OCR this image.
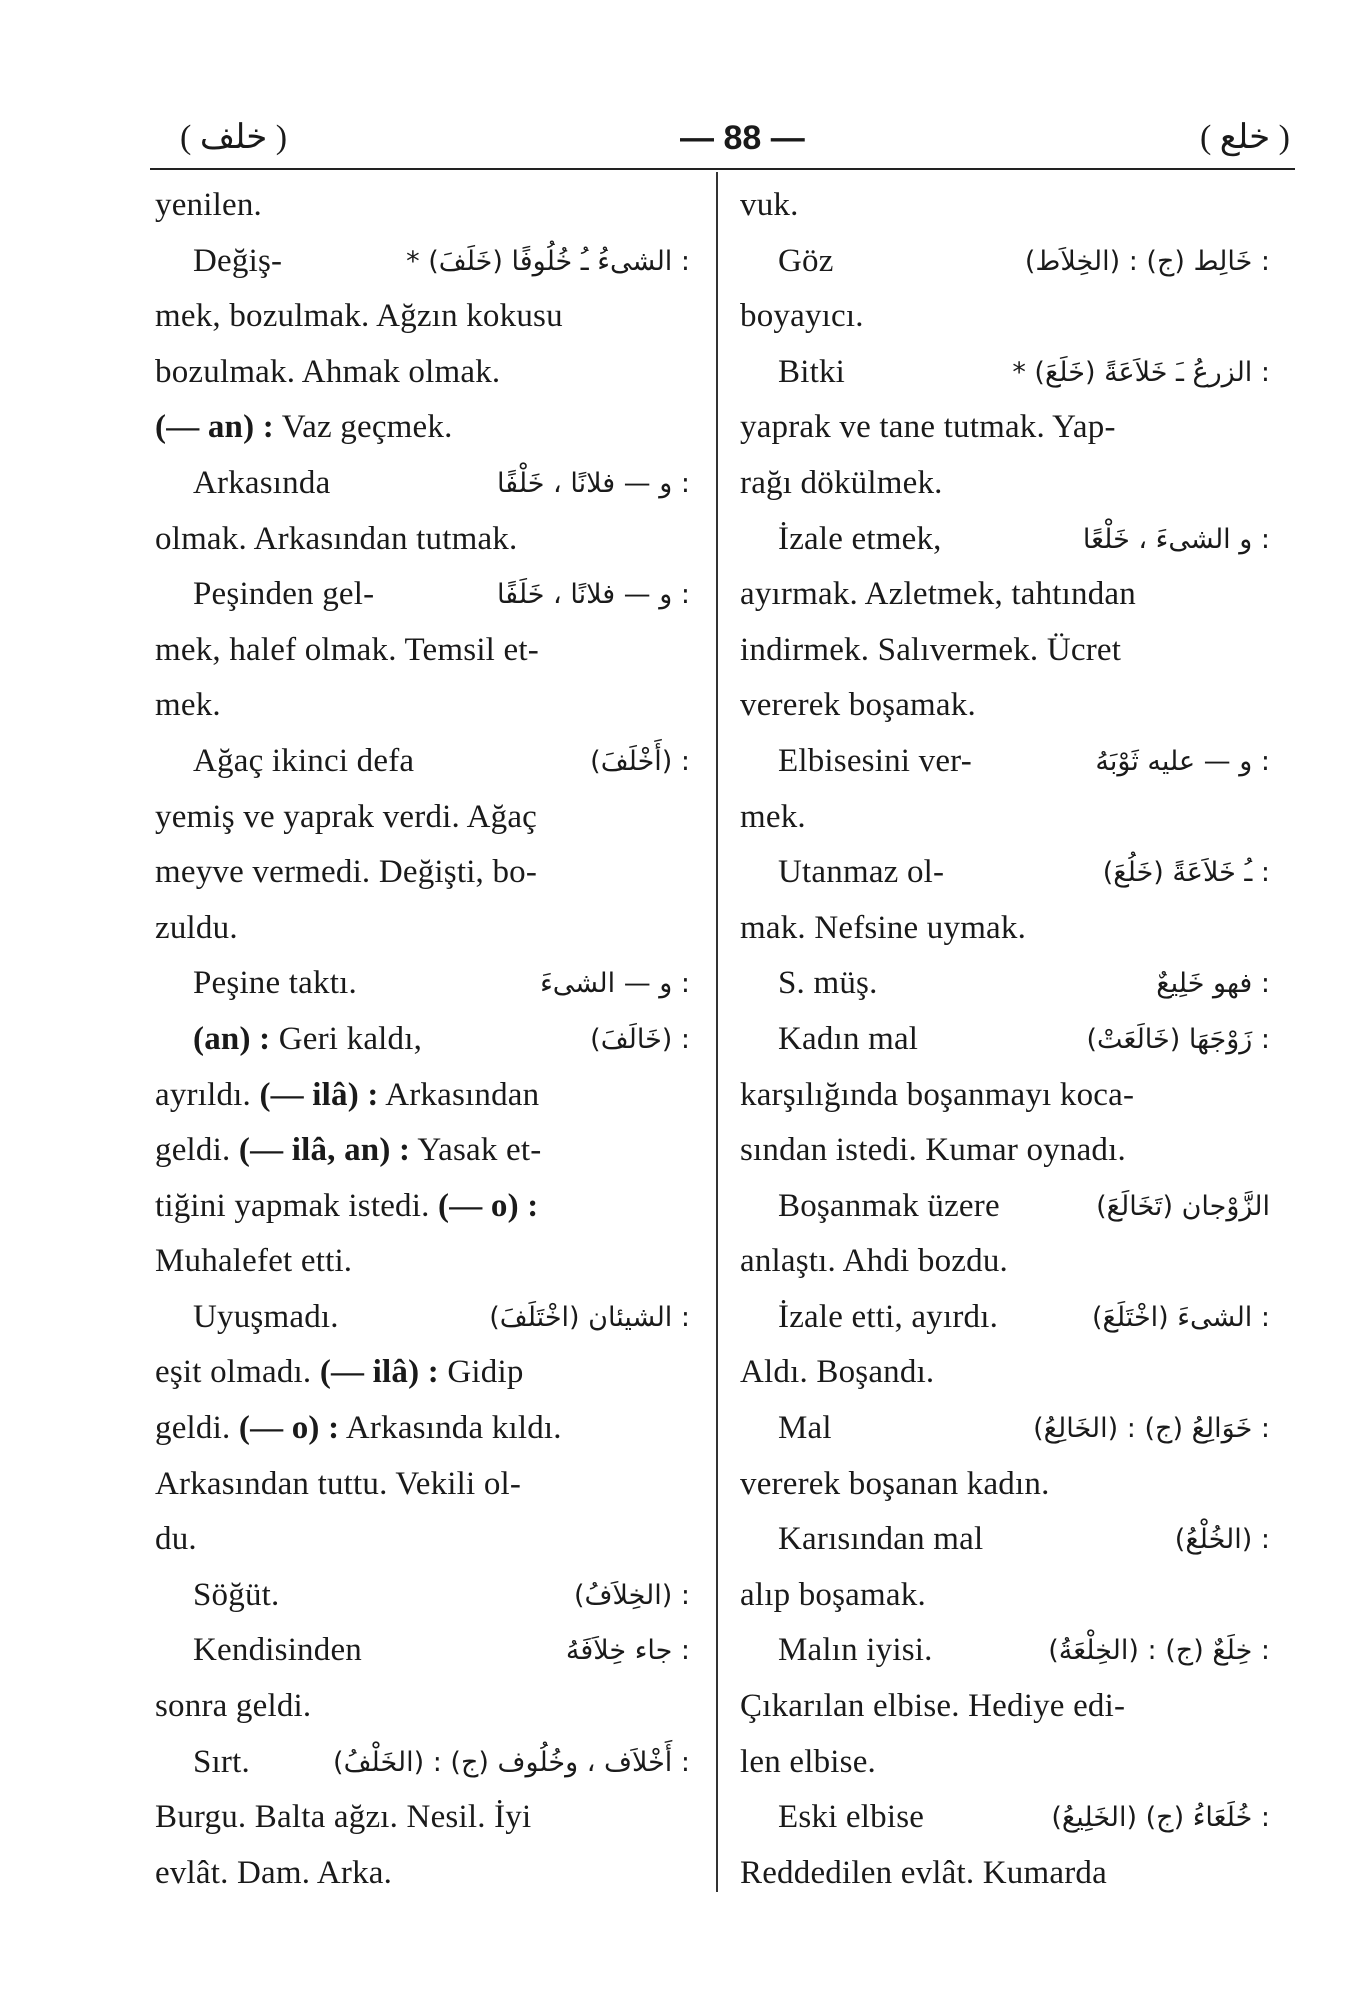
( خلف )	— 88 —	( خلع )
yenilen.
Değiş-	* (خَلَفَ) الشىءُ ـُ خُلُوفًا :
mek, bozulmak. Ağzın kokusu
bozulmak. Ahmak olmak.
(— an) : Vaz geçmek.
Arkasında	و — فلانًا ، خَلْفًا :
olmak. Arkasından tutmak.
Peşinden gel-	و — فلانًا ، خَلَفًا :
mek, halef olmak. Temsil et-
mek.
Ağaç ikinci defa	(أَخْلَفَ) :
yemiş ve yaprak verdi. Ağaç
meyve vermedi. Değişti, bo-
zuldu.
Peşine taktı.	و — الشىءَ :
(an) : Geri kaldı,	(خَالَفَ) :
ayrıldı. (— ilâ) : Arkasından
geldi. (— ilâ, an) : Yasak et-
tiğini yapmak istedi. (— o) :
Muhalefet etti.
Uyuşmadı.	(اخْتَلَفَ) الشيئان :
eşit olmadı. (— ilâ) : Gidip
geldi. (— o) : Arkasında kıldı.
Arkasından tuttu. Vekili ol-
du.
Söğüt.	(الخِلاَفُ) :
Kendisinden	جاء خِلاَفَهُ :
sonra geldi.
Sırt.	(الخَلْفُ) : (ج) أَخْلاَف ، وخُلُوف :
Burgu. Balta ağzı. Nesil. İyi
evlât. Dam. Arka.
vuk.
Göz	(الخِلاَط) : (ج) خَالِط :
boyayıcı.
Bitki	* (خَلَعَ) الزرعُ ـَ خَلاَعَةً :
yaprak ve tane tutmak. Yap-
rağı dökülmek.
İzale etmek,	و الشىءَ ، خَلْعًا :
ayırmak. Azletmek, tahtından
indirmek. Salıvermek. Ücret
vererek boşamak.
Elbisesini ver-	و — عليه ثَوْبَهُ :
mek.
Utanmaz ol-	(خَلُعَ) ـُ خَلاَعَةً :
mak. Nefsine uymak.
S. müş.	فهو خَلِيعٌ :
Kadın mal	(خَالَعَتْ) زَوْجَهَا :
karşılığında boşanmayı koca-
sından istedi. Kumar oynadı.
Boşanmak üzere	(تَخَالَعَ) الزَّوْجان
anlaştı. Ahdi bozdu.
İzale etti, ayırdı.	(اخْتَلَعَ) الشىءَ :
Aldı. Boşandı.
Mal	(الخَالِعُ) : (ج) خَوَالِعُ :
vererek boşanan kadın.
Karısından mal	(الخُلْعُ) :
alıp boşamak.
Malın iyisi.	(الخِلْعَةُ) : (ج) خِلَعٌ :
Çıkarılan elbise. Hediye edi-
len elbise.
Eski elbise	(الخَلِيعُ) (ج) خُلَعَاءُ :
Reddedilen evlât. Kumarda
